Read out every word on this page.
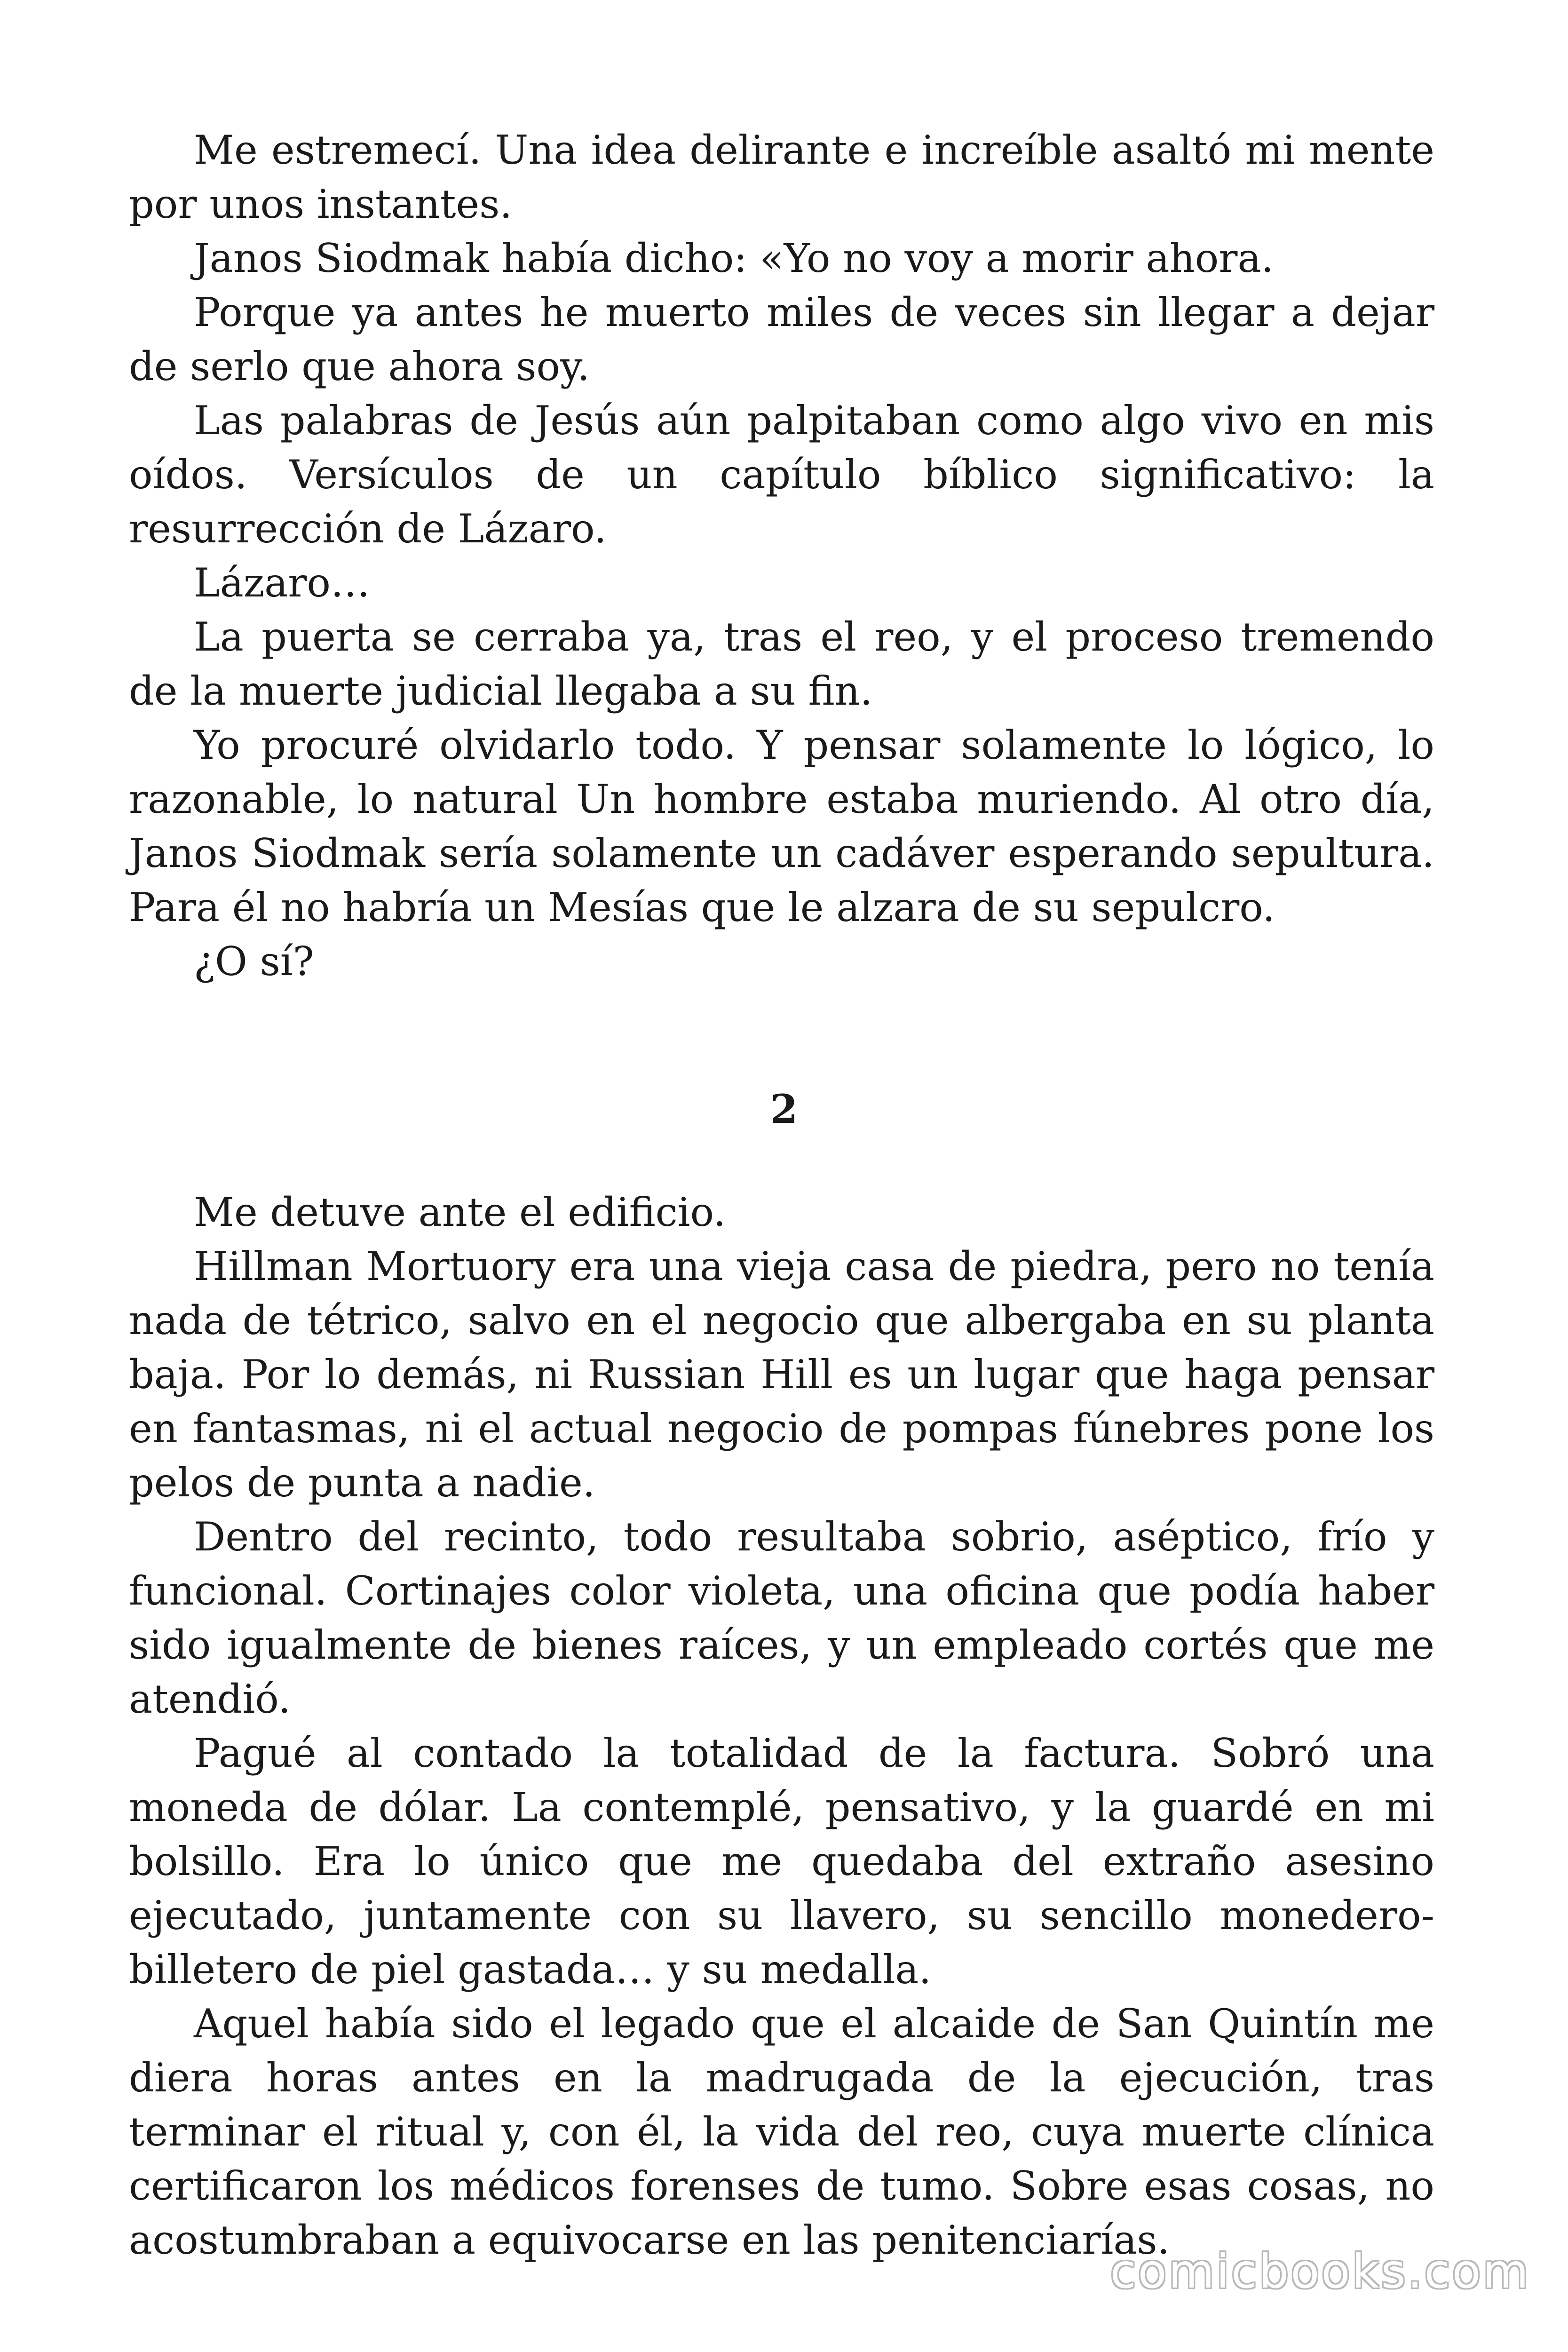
Me estremecí. Una idea delirante e increíble asaltó mi mente por unos instantes.

Janos Siodmak había dicho: «Yo no voy a morir ahora.

Porque ya antes he muerto miles de veces sin llegar a dejar de serlo que ahora soy.

Las palabras de Jesús aún palpitaban como algo vivo en mis oídos. Versículos de un capítulo bíblico significativo: la resurrección de Lázaro.

Lázaro…

La puerta se cerraba ya, tras el reo, y el proceso tremendo de la muerte judicial llegaba a su fin.

Yo procuré olvidarlo todo. Y pensar solamente lo lógico, lo razonable, lo natural Un hombre estaba muriendo. Al otro día, Janos Siodmak sería solamente un cadáver esperando sepultura. Para él no habría un Mesías que le alzara de su sepulcro.

¿O sí?

2

Me detuve ante el edificio.

Hillman Mortuory era una vieja casa de piedra, pero no tenía nada de tétrico, salvo en el negocio que albergaba en su planta baja. Por lo demás, ni Russian Hill es un lugar que haga pensar en fantasmas, ni el actual negocio de pompas fúnebres pone los pelos de punta a nadie.

Dentro del recinto, todo resultaba sobrio, aséptico, frío y funcional. Cortinajes color violeta, una oficina que podía haber sido igualmente de bienes raíces, y un empleado cortés que me atendió.

Pagué al contado la totalidad de la factura. Sobró una moneda de dólar. La contemplé, pensativo, y la guardé en mi bolsillo. Era lo único que me quedaba del extraño asesino ejecutado, juntamente con su llavero, su sencillo monedero-billetero de piel gastada… y su medalla.

Aquel había sido el legado que el alcaide de San Quintín me diera horas antes en la madrugada de la ejecución, tras terminar el ritual y, con él, la vida del reo, cuya muerte clínica certificaron los médicos forenses de tumo. Sobre esas cosas, no acostumbraban a equivocarse en las penitenciarías.

comicbooks.com
